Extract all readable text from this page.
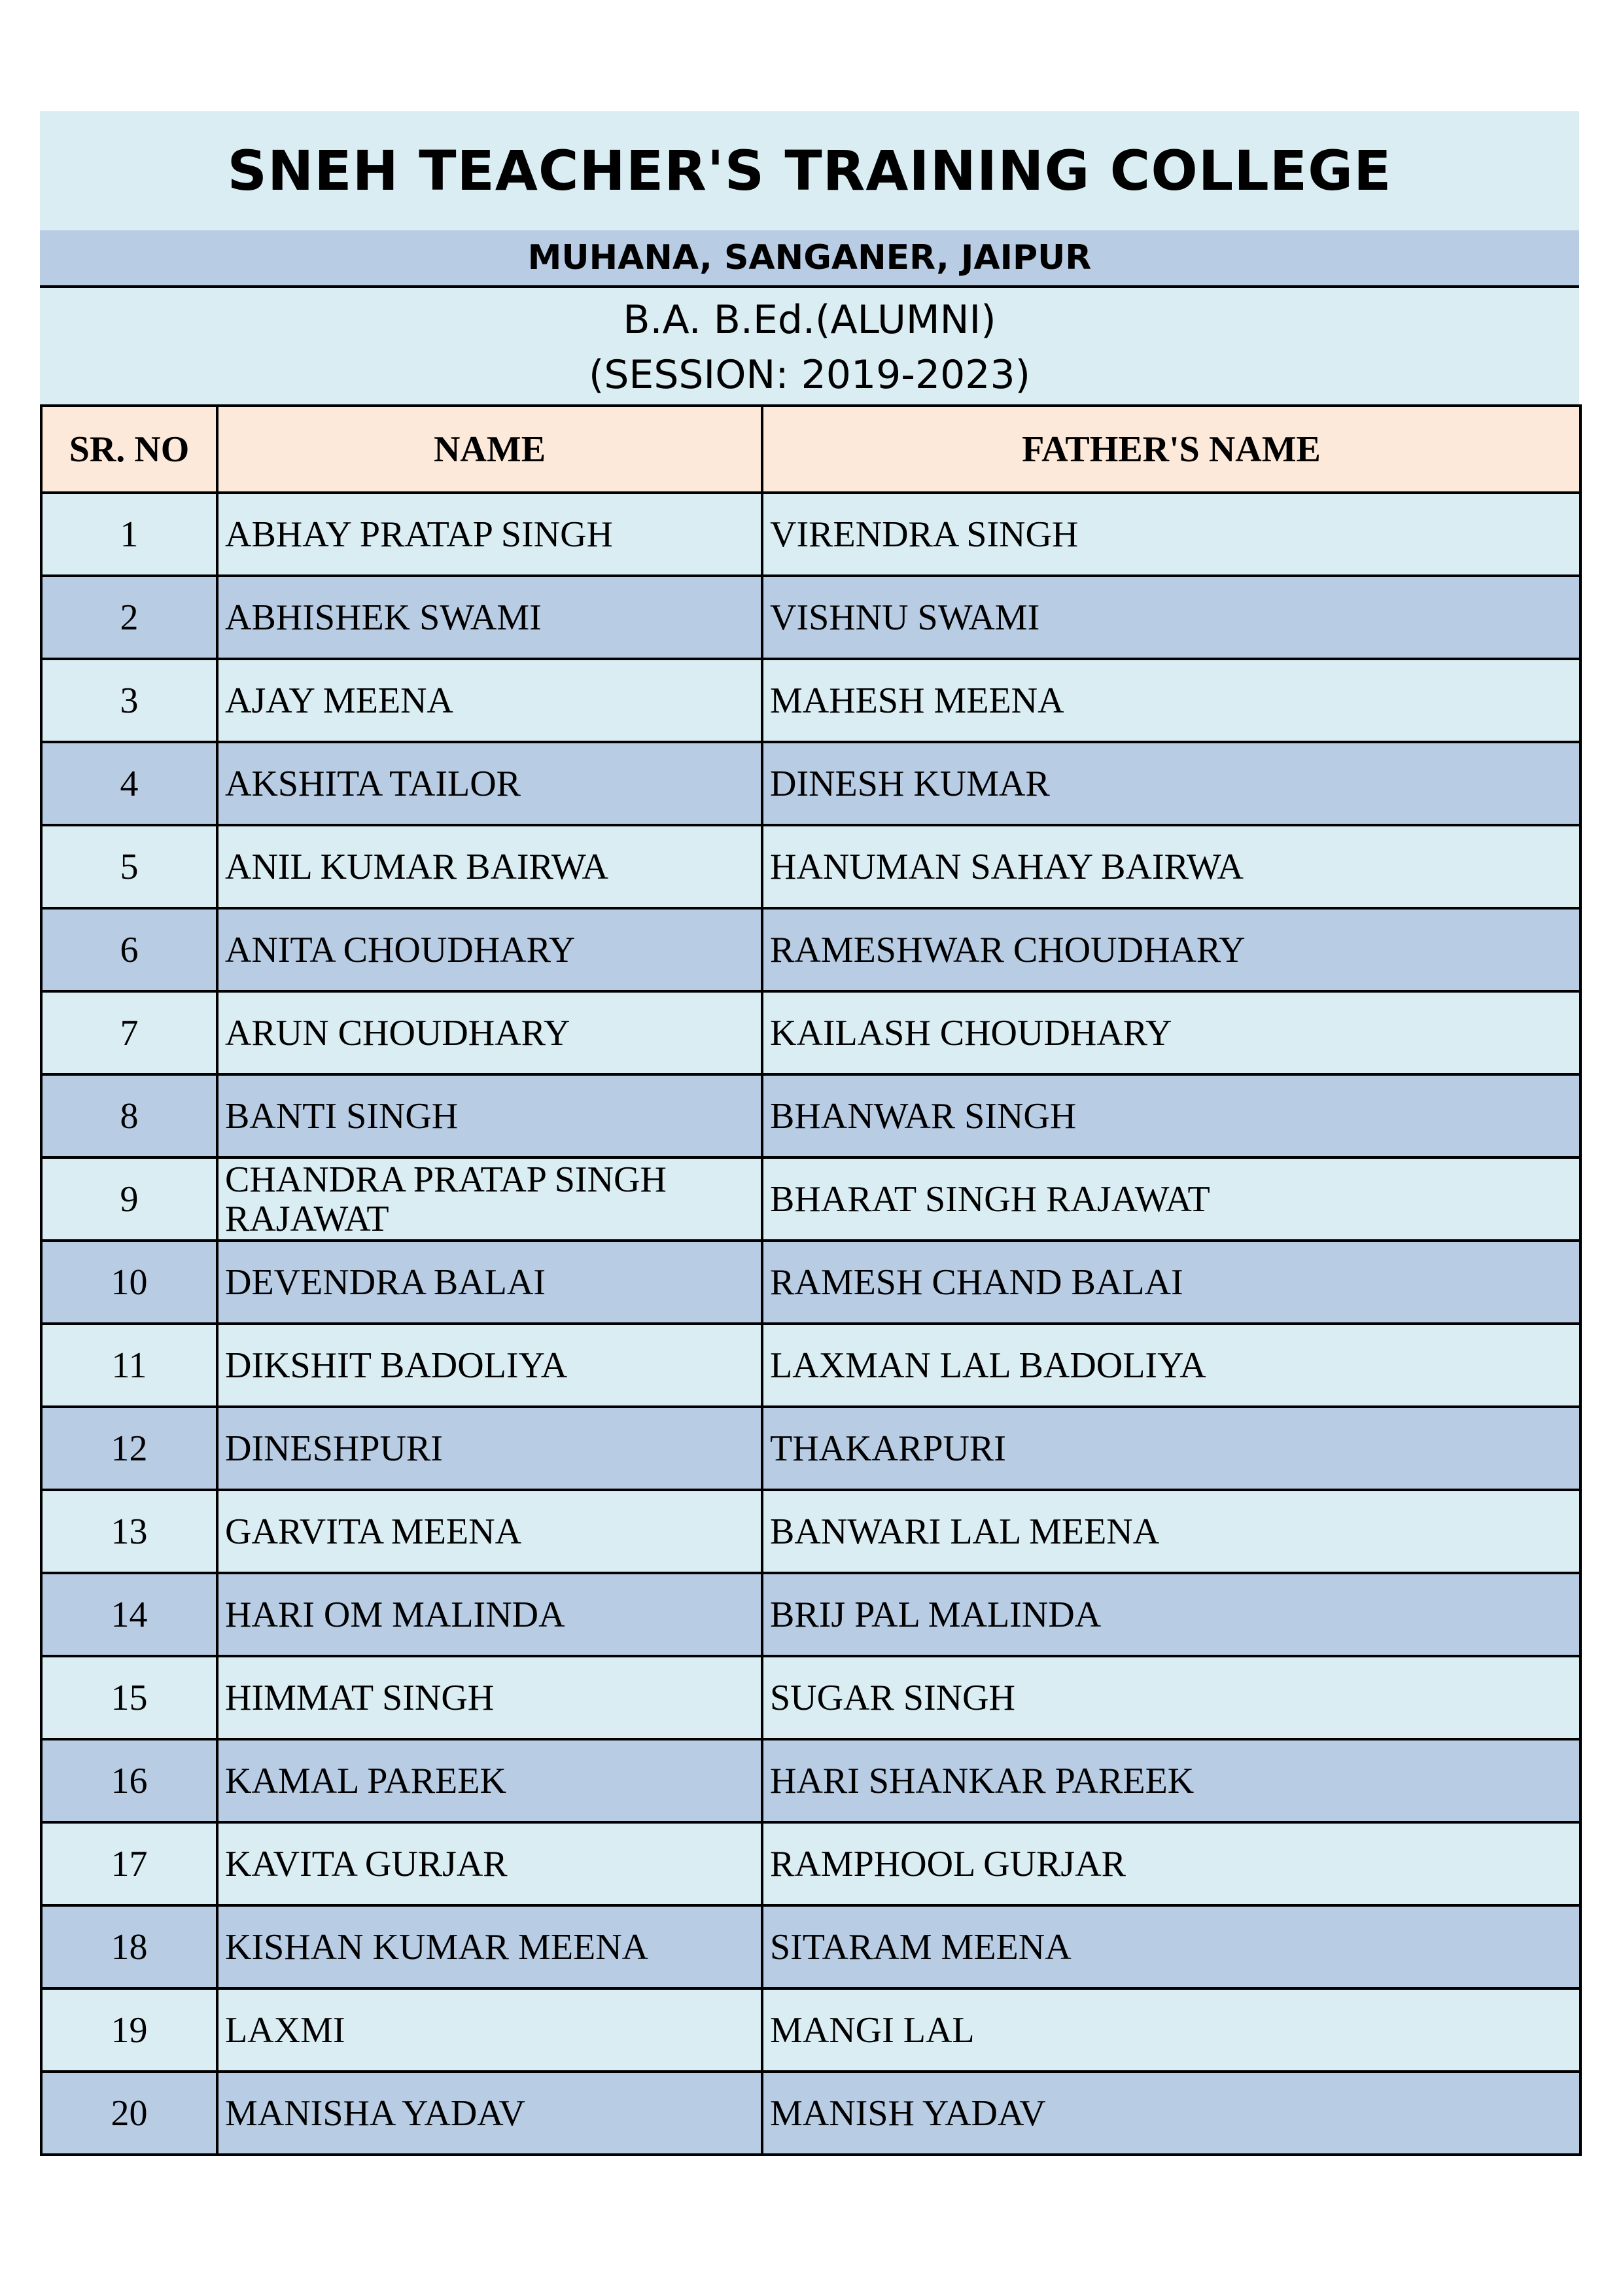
SNEH TEACHER'S TRAINING COLLEGE
MUHANA, SANGANER, JAIPUR
B.A. B.Ed.(ALUMNI)
(SESSION: 2019-2023)
SR. NO	NAME	FATHER'S NAME
1	ABHAY PRATAP SINGH	VIRENDRA SINGH
2	ABHISHEK SWAMI	VISHNU SWAMI
3	AJAY MEENA	MAHESH MEENA
4	AKSHITA TAILOR	DINESH KUMAR
5	ANIL KUMAR BAIRWA	HANUMAN SAHAY BAIRWA
6	ANITA CHOUDHARY	RAMESHWAR CHOUDHARY
7	ARUN CHOUDHARY	KAILASH CHOUDHARY
8	BANTI SINGH	BHANWAR SINGH
9	CHANDRA PRATAP SINGH RAJAWAT	BHARAT SINGH RAJAWAT
10	DEVENDRA BALAI	RAMESH CHAND BALAI
11	DIKSHIT BADOLIYA	LAXMAN LAL BADOLIYA
12	DINESHPURI	THAKARPURI
13	GARVITA MEENA	BANWARI LAL MEENA
14	HARI OM MALINDA	BRIJ PAL MALINDA
15	HIMMAT SINGH	SUGAR SINGH
16	KAMAL PAREEK	HARI SHANKAR PAREEK
17	KAVITA GURJAR	RAMPHOOL GURJAR
18	KISHAN KUMAR MEENA	SITARAM MEENA
19	LAXMI	MANGI LAL
20	MANISHA YADAV	MANISH YADAV
